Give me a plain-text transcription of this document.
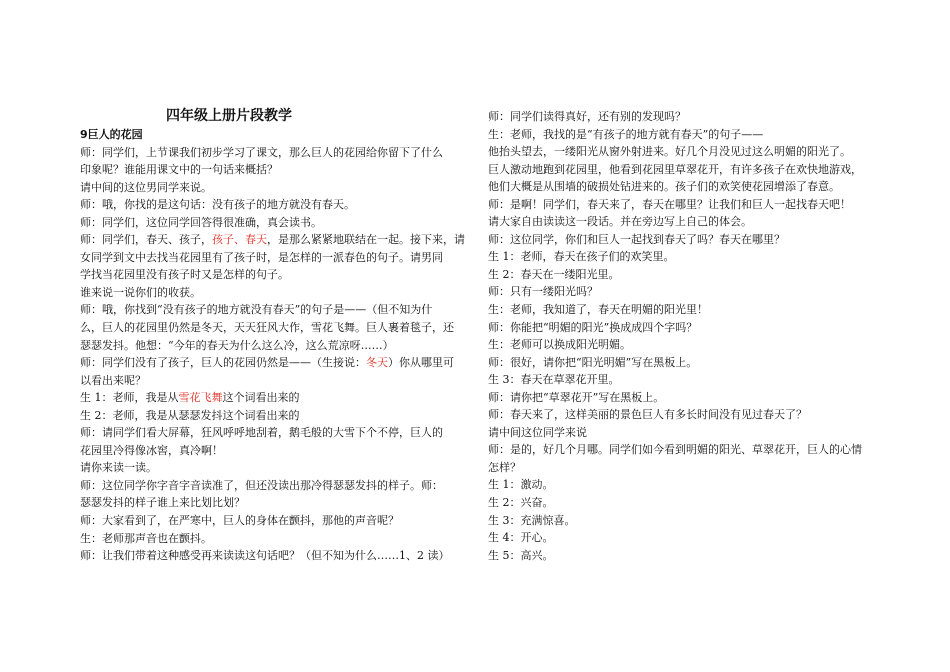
四年级上册片段教学
9巨人的花园
师：同学们，上节课我们初步学习了课文，那么巨人的花园给你留下了什么
印象呢？谁能用课文中的一句话来概括？
请中间的这位男同学来说。
师：哦，你找的是这句话：没有孩子的地方就没有春天。
师：同学们，这位同学回答得很准确，真会读书。
师：同学们，春天、孩子，孩子、春天，是那么紧紧地联结在一起。接下来，请
女同学到文中去找当花园里有了孩子时，是怎样的一派春色的句子。请男同
学找当花园里没有孩子时又是怎样的句子。
谁来说一说你们的收获。
师：哦，你找到“没有孩子的地方就没有春天”的句子是——（但不知为什
么，巨人的花园里仍然是冬天，天天狂风大作，雪花飞舞。巨人裹着毯子，还
瑟瑟发抖。他想：“今年的春天为什么这么冷，这么荒凉呀……）
师：同学们没有了孩子，巨人的花园仍然是——（生接说：冬天）你从哪里可
以看出来呢？
生 1：老师，我是从雪花飞舞这个词看出来的
生 2：老师，我是从瑟瑟发抖这个词看出来的
师：请同学们看大屏幕，狂风呼呼地刮着，鹅毛般的大雪下个不停，巨人的
花园里冷得像冰窖，真冷啊！
请你来读一读。
师：这位同学你字音字音读准了，但还没读出那冷得瑟瑟发抖的样子。师：
瑟瑟发抖的样子谁上来比划比划？
师：大家看到了，在严寒中，巨人的身体在颤抖，那他的声音呢？
生：老师那声音也在颤抖。
师：让我们带着这种感受再来读读这句话吧？（但不知为什么……1、2 读）
师：同学们读得真好，还有别的发现吗？
生：老师，我找的是“有孩子的地方就有春天”的句子——
他抬头望去，一缕阳光从窗外射进来。好几个月没见过这么明媚的阳光了。
巨人激动地跑到花园里，他看到花园里草翠花开，有许多孩子在欢快地游戏，
他们大概是从围墙的破损处钻进来的。孩子们的欢笑使花园增添了春意。
师：是啊！同学们，春天来了，春天在哪里？让我们和巨人一起找春天吧！
请大家自由读读这一段话。并在旁边写上自己的体会。
师：这位同学，你们和巨人一起找到春天了吗？春天在哪里？
生 1：老师，春天在孩子们的欢笑里。
生 2：春天在一缕阳光里。
师：只有一缕阳光吗？
生：老师，我知道了，春天在明媚的阳光里！
师：你能把“明媚的阳光”换成成四个字吗？
生：老师可以换成阳光明媚。
师：很好，请你把“阳光明媚”写在黑板上。
生 3：春天在草翠花开里。
师：请你把“草翠花开”写在黑板上。
师：春天来了，这样美丽的景色巨人有多长时间没有见过春天了？
请中间这位同学来说
师：是的，好几个月哪。同学们如今看到明媚的阳光、草翠花开，巨人的心情
怎样？
生 1：激动。
生 2：兴奋。
生 3：充满惊喜。
生 4：开心。
生 5：高兴。
